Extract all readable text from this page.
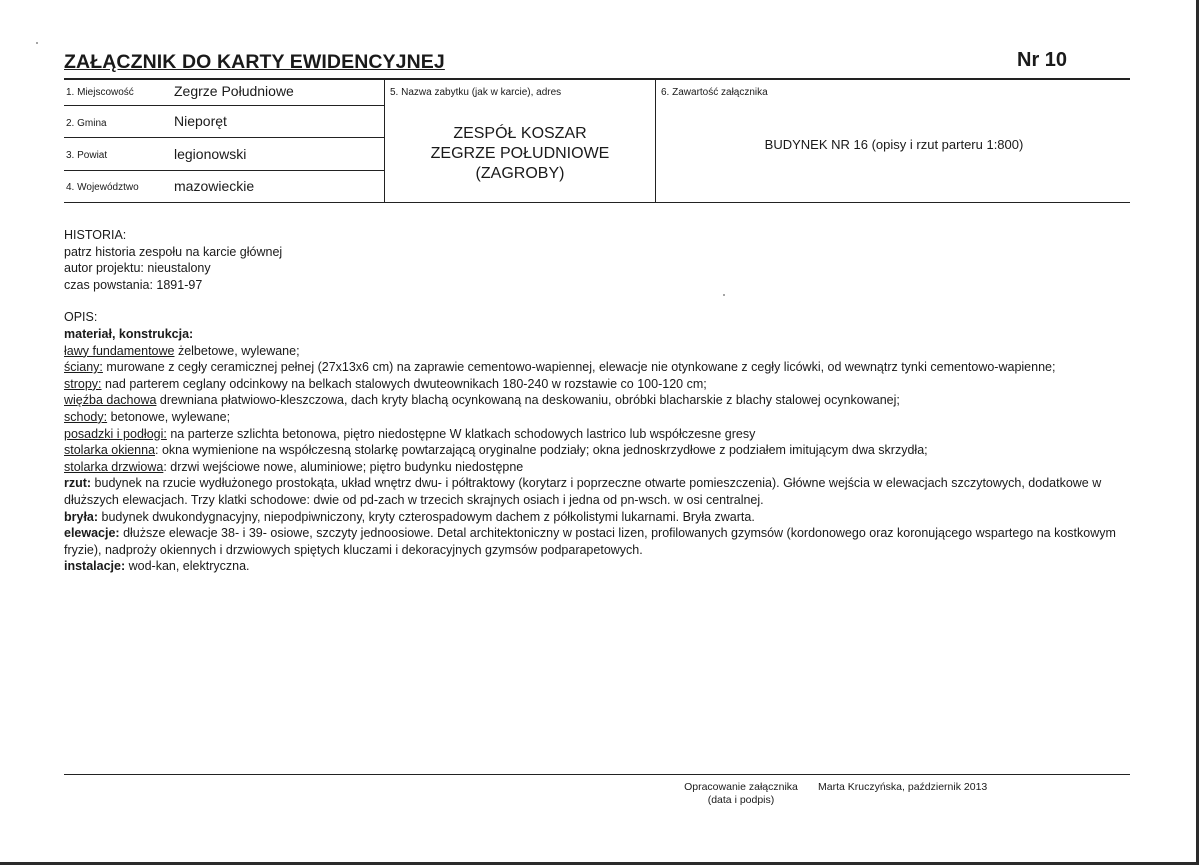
ZAŁĄCZNIK DO KARTY EWIDENCYJNEJ	Nr 10
1. Miejscowość	Zegrze Południowe
2. Gmina	Nieporęt
3. Powiat	legionowski
4. Województwo	mazowieckie
5. Nazwa zabytku (jak w karcie), adres
ZESPÓŁ KOSZAR
ZEGRZE POŁUDNIOWE
(ZAGROBY)
6. Zawartość załącznika
BUDYNEK NR 16 (opisy i rzut parteru 1:800)

HISTORIA:

patrz historia zespołu na karcie głównej

autor projektu: nieustalony

czas powstania: 1891-97

OPIS:

materiał, konstrukcja:

ławy fundamentowe żelbetowe, wylewane;

ściany: murowane z cegły ceramicznej pełnej (27x13x6 cm) na zaprawie cementowo-wapiennej, elewacje nie otynkowane z cegły licówki, od wewnątrz tynki cementowo-wapienne;

stropy: nad parterem ceglany odcinkowy na belkach stalowych dwuteownikach 180-240 w rozstawie co 100-120 cm;

więźba dachowa drewniana płatwiowo-kleszczowa, dach kryty blachą ocynkowaną na deskowaniu, obróbki blacharskie z blachy stalowej ocynkowanej;

schody: betonowe, wylewane;

posadzki i podłogi: na parterze szlichta betonowa, piętro niedostępne W klatkach schodowych lastrico lub współczesne gresy

stolarka okienna: okna wymienione na współczesną stolarkę powtarzającą oryginalne podziały; okna jednoskrzydłowe z podziałem imitującym dwa skrzydła;

stolarka drzwiowa: drzwi wejściowe nowe, aluminiowe; piętro budynku niedostępne

rzut: budynek na rzucie wydłużonego prostokąta, układ wnętrz dwu- i półtraktowy (korytarz i poprzeczne otwarte pomieszczenia). Główne wejścia w elewacjach szczytowych, dodatkowe w dłuższych elewacjach. Trzy klatki schodowe: dwie od pd-zach w trzecich skrajnych osiach i jedna od pn-wsch. w osi centralnej.

bryła: budynek dwukondygnacyjny, niepodpiwniczony, kryty czterospadowym dachem z półkolistymi lukarnami. Bryła zwarta.

elewacje: dłuższe elewacje 38- i 39- osiowe, szczyty jednoosiowe. Detal architektoniczny w postaci lizen, profilowanych gzymsów (kordonowego oraz koronującego wspartego na kostkowym fryzie), nadproży okiennych i drzwiowych spiętych kluczami i dekoracyjnych gzymsów podparapetowych.

instalacje: wod-kan, elektryczna.

Opracowanie załącznika
(data i podpis)
Marta Kruczyńska, październik 2013
